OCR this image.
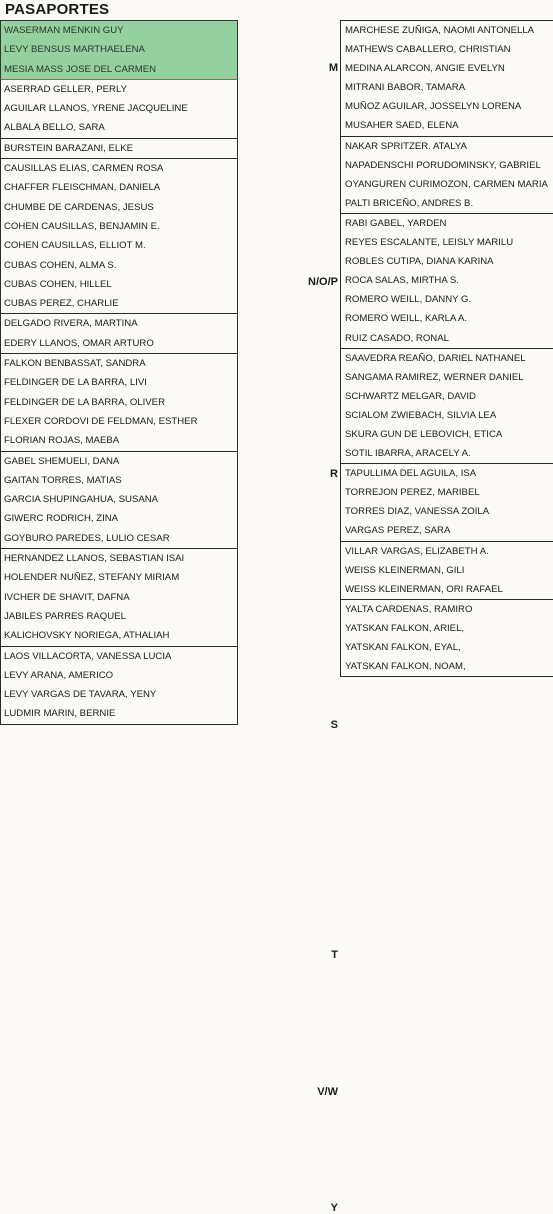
PASAPORTES
WASERMAN MENKIN GUY
LEVY BENSUS MARTHAELENA
MESIA MASS JOSE DEL CARMEN
ASERRAD GELLER, PERLY
AGUILAR LLANOS, YRENE JACQUELINE
ALBALA BELLO, SARA
BURSTEIN BARAZANI, ELKE
CAUSILLAS ELIAS, CARMEN ROSA
CHAFFER FLEISCHMAN, DANIELA
CHUMBE DE CARDENAS, JESUS
COHEN CAUSILLAS, BENJAMIN E.
COHEN CAUSILLAS, ELLIOT M.
CUBAS COHEN, ALMA S.
CUBAS COHEN, HILLEL
CUBAS PEREZ, CHARLIE
DELGADO RIVERA, MARTINA
EDERY LLANOS, OMAR ARTURO
FALKON BENBASSAT, SANDRA
FELDINGER DE LA BARRA, LIVI
FELDINGER DE LA BARRA, OLIVER
FLEXER CORDOVI DE FELDMAN, ESTHER
FLORIAN ROJAS, MAEBA
GABEL SHEMUELI, DANA
GAITAN TORRES, MATIAS
GARCIA SHUPINGAHUA, SUSANA
GIWERC RODRICH, ZINA
GOYBURO PAREDES, LULIO CESAR
HERNANDEZ LLANOS, SEBASTIAN ISAI
HOLENDER NUÑEZ, STEFANY MIRIAM
IVCHER DE SHAVIT, DAFNA
JABILES PARRES RAQUEL
KALICHOVSKY NORIEGA, ATHALIAH
LAOS VILLACORTA, VANESSA LUCIA
LEVY ARANA, AMERICO
LEVY VARGAS DE TAVARA, YENY
LUDMIR MARIN, BERNIE
MARCHESE ZUÑIGA, NAOMI ANTONELLA
MATHEWS CABALLERO, CHRISTIAN
MEDINA ALARCON, ANGIE EVELYN
MITRANI BABOR, TAMARA
MUÑOZ AGUILAR, JOSSELYN LORENA
MUSAHER SAED, ELENA
NAKAR SPRITZER. ATALYA
NAPADENSCHI PORUDOMINSKY, GABRIEL
OYANGUREN CURIMOZON, CARMEN MARIA
PALTI BRICEÑO, ANDRES B.
RABI GABEL, YARDEN
REYES ESCALANTE, LEISLY MARILU
ROBLES CUTIPA, DIANA KARINA
ROCA SALAS, MIRTHA S.
ROMERO WEILL, DANNY G.
ROMERO WEILL, KARLA A.
RUIZ CASADO, RONAL
SAAVEDRA REAÑO, DARIEL NATHANEL
SANGAMA RAMIREZ, WERNER DANIEL
SCHWARTZ MELGAR, DAVID
SCIALOM ZWIEBACH, SILVIA LEA
SKURA GUN DE LEBOVICH, ETICA
SOTIL IBARRA, ARACELY A.
TAPULLIMA DEL AGUILA, ISA
TORREJON PEREZ, MARIBEL
TORRES DIAZ, VANESSA ZOILA
VARGAS PEREZ, SARA
VILLAR VARGAS, ELIZABETH A.
WEISS KLEINERMAN, GILI
WEISS KLEINERMAN, ORI RAFAEL
YALTA CARDENAS, RAMIRO
YATSKAN FALKON, ARIEL,
YATSKAN FALKON, EYAL,
YATSKAN FALKON, NOAM,
M
N/O/P
R
S
T
V/W
Y
